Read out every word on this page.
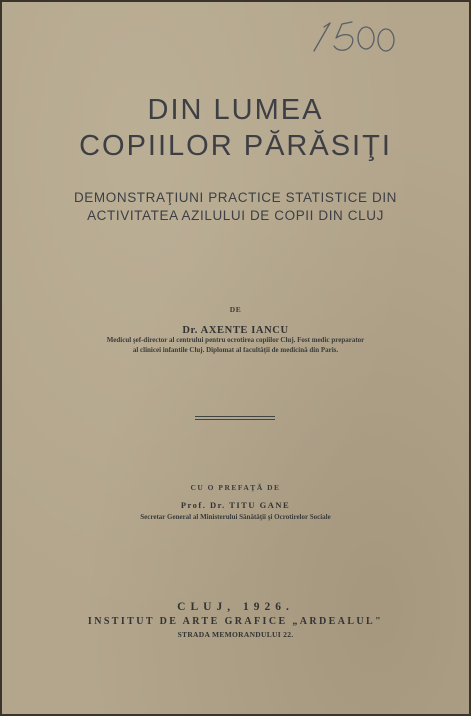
DIN LUMEA
COPIILOR PĂRĂSIŢI
DEMONSTRAŢIUNI PRACTICE STATISTICE DIN
ACTIVITATEA AZILULUI DE COPII DIN CLUJ
DE
Dr. AXENTE IANCU
Medicul şef-director al centrului pentru ocrotirea copiilor Cluj. Fost medic preparator
al clinicei infantile Cluj. Diplomat al facultăţii de medicină din Paris.
CU O PREFAŢĂ DE
Prof. Dr. TITU GANE
Secretar General al Ministerului Sănătăţii şi Ocrotirelor Sociale
CLUJ, 1926.
INSTITUT DE ARTE GRAFICE „ARDEALUL"
STRADA MEMORANDULUI 22.
